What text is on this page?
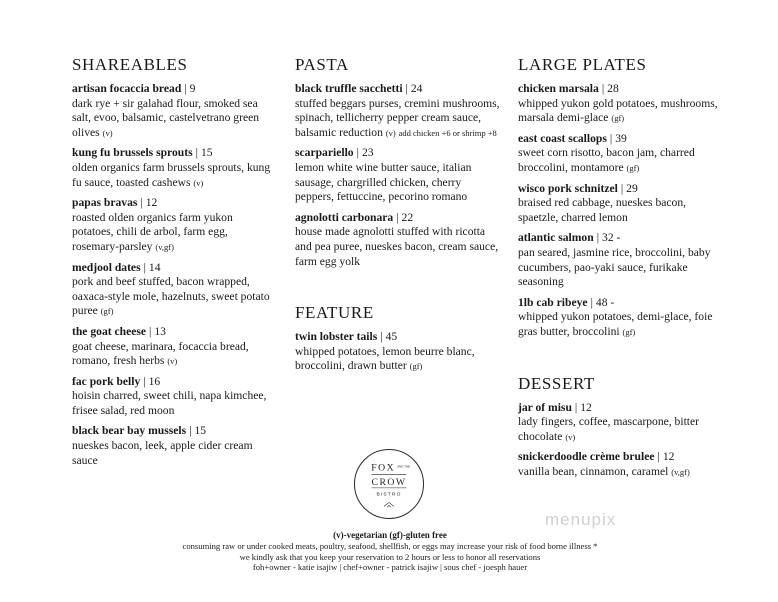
SHAREABLES
artisan focaccia bread | 9
dark rye + sir galahad flour, smoked sea salt, evoo, balsamic, castelvetrano green olives (v)
kung fu brussels sprouts | 15
olden organics farm brussels sprouts, kung fu sauce, toasted cashews (v)
papas bravas | 12
roasted olden organics farm yukon potatoes, chili de arbol, farm egg, rosemary-parsley (v,gf)
medjool dates | 14
pork and beef stuffed, bacon wrapped, oaxaca-style mole, hazelnuts, sweet potato puree (gf)
the goat cheese | 13
goat cheese, marinara, focaccia bread, romano, fresh herbs (v)
fac pork belly | 16
hoisin charred, sweet chili, napa kimchee, frisee salad, red moon
black bear bay mussels | 15
nueskes bacon, leek, apple cider cream sauce
PASTA
black truffle sacchetti | 24
stuffed beggars purses, cremini mushrooms, spinach, tellicherry pepper cream sauce, balsamic reduction (v) add chicken +6 or shrimp +8
scarpariello | 23
lemon white wine butter sauce, italian sausage, chargrilled chicken, cherry peppers, fettuccine, pecorino romano
agnolotti carbonara | 22
house made agnolotti stuffed with ricotta and pea puree, nueskes bacon, cream sauce, farm egg yolk
FEATURE
twin lobster tails | 45
whipped potatoes, lemon beurre blanc, broccolini, drawn butter (gf)
LARGE PLATES
chicken marsala | 28
whipped yukon gold potatoes, mushrooms, marsala demi-glace (gf)
east coast scallops | 39
sweet corn risotto, bacon jam, charred broccolini, montamore (gf)
wisco pork schnitzel | 29
braised red cabbage, nueskes bacon, spaetzle, charred lemon
atlantic salmon | 32 -
pan seared, jasmine rice, broccolini, baby cucumbers, pao-yaki sauce, furikake seasoning
1lb cab ribeye | 48 -
whipped yukon potatoes, demi-glace, foie gras butter, broccolini (gf)
DESSERT
jar of misu | 12
lady fingers, coffee, mascarpone, bitter chocolate (v)
snickerdoodle crème brulee | 12
vanilla bean, cinnamon, caramel (v,gf)
FOX AND THE
CROW
BISTRO
menupix
(v)-vegetarian (gf)-gluten free
consuming raw or under cooked meats, poultry, seafood, shellfish, or eggs may increase your risk of food borne illness *
we kindly ask that you keep your reservation to 2 hours or less to honor all reservations
foh+owner - katie isajiw | chef+owner - patrick isajiw | sous chef - joesph hauer
